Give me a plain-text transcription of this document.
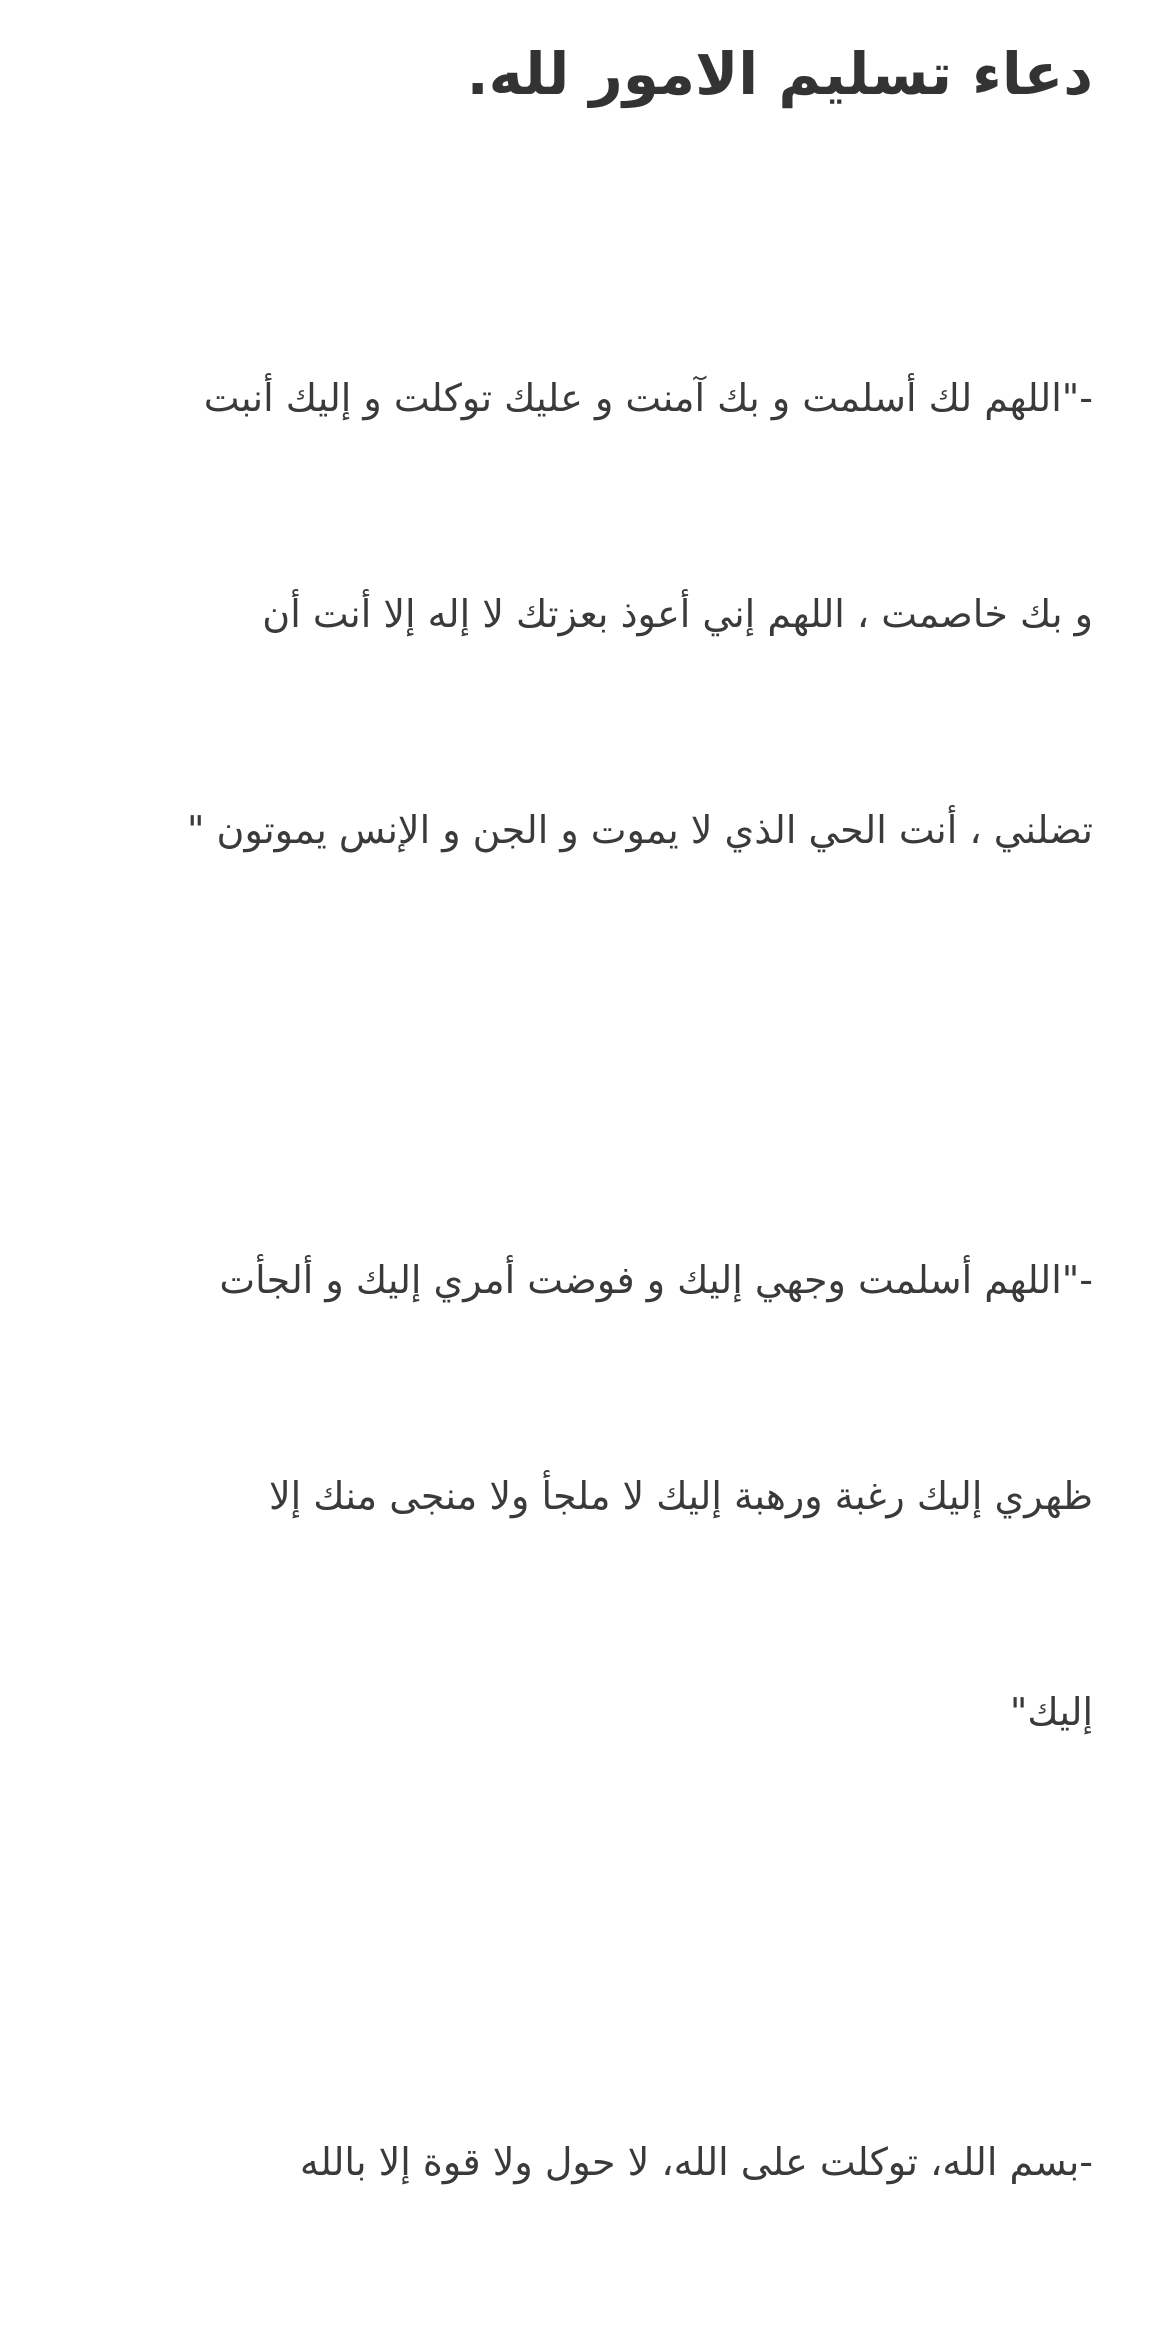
دعاء تسليم الامور لله.

-"اللهم لك أسلمت و بك آمنت و عليك توكلت و إليك أنبت

و بك خاصمت ، اللهم إني أعوذ بعزتك لا إله إلا أنت أن

تضلني ، أنت الحي الذي لا يموت و الجن و الإنس يموتون "

-"اللهم أسلمت وجهي إليك و فوضت أمري إليك و ألجأت

ظهري إليك رغبة ورهبة إليك لا ملجأ ولا منجى منك إلا

إليك"

-بسم الله، توكلت على الله، لا حول ولا قوة إلا بالله
